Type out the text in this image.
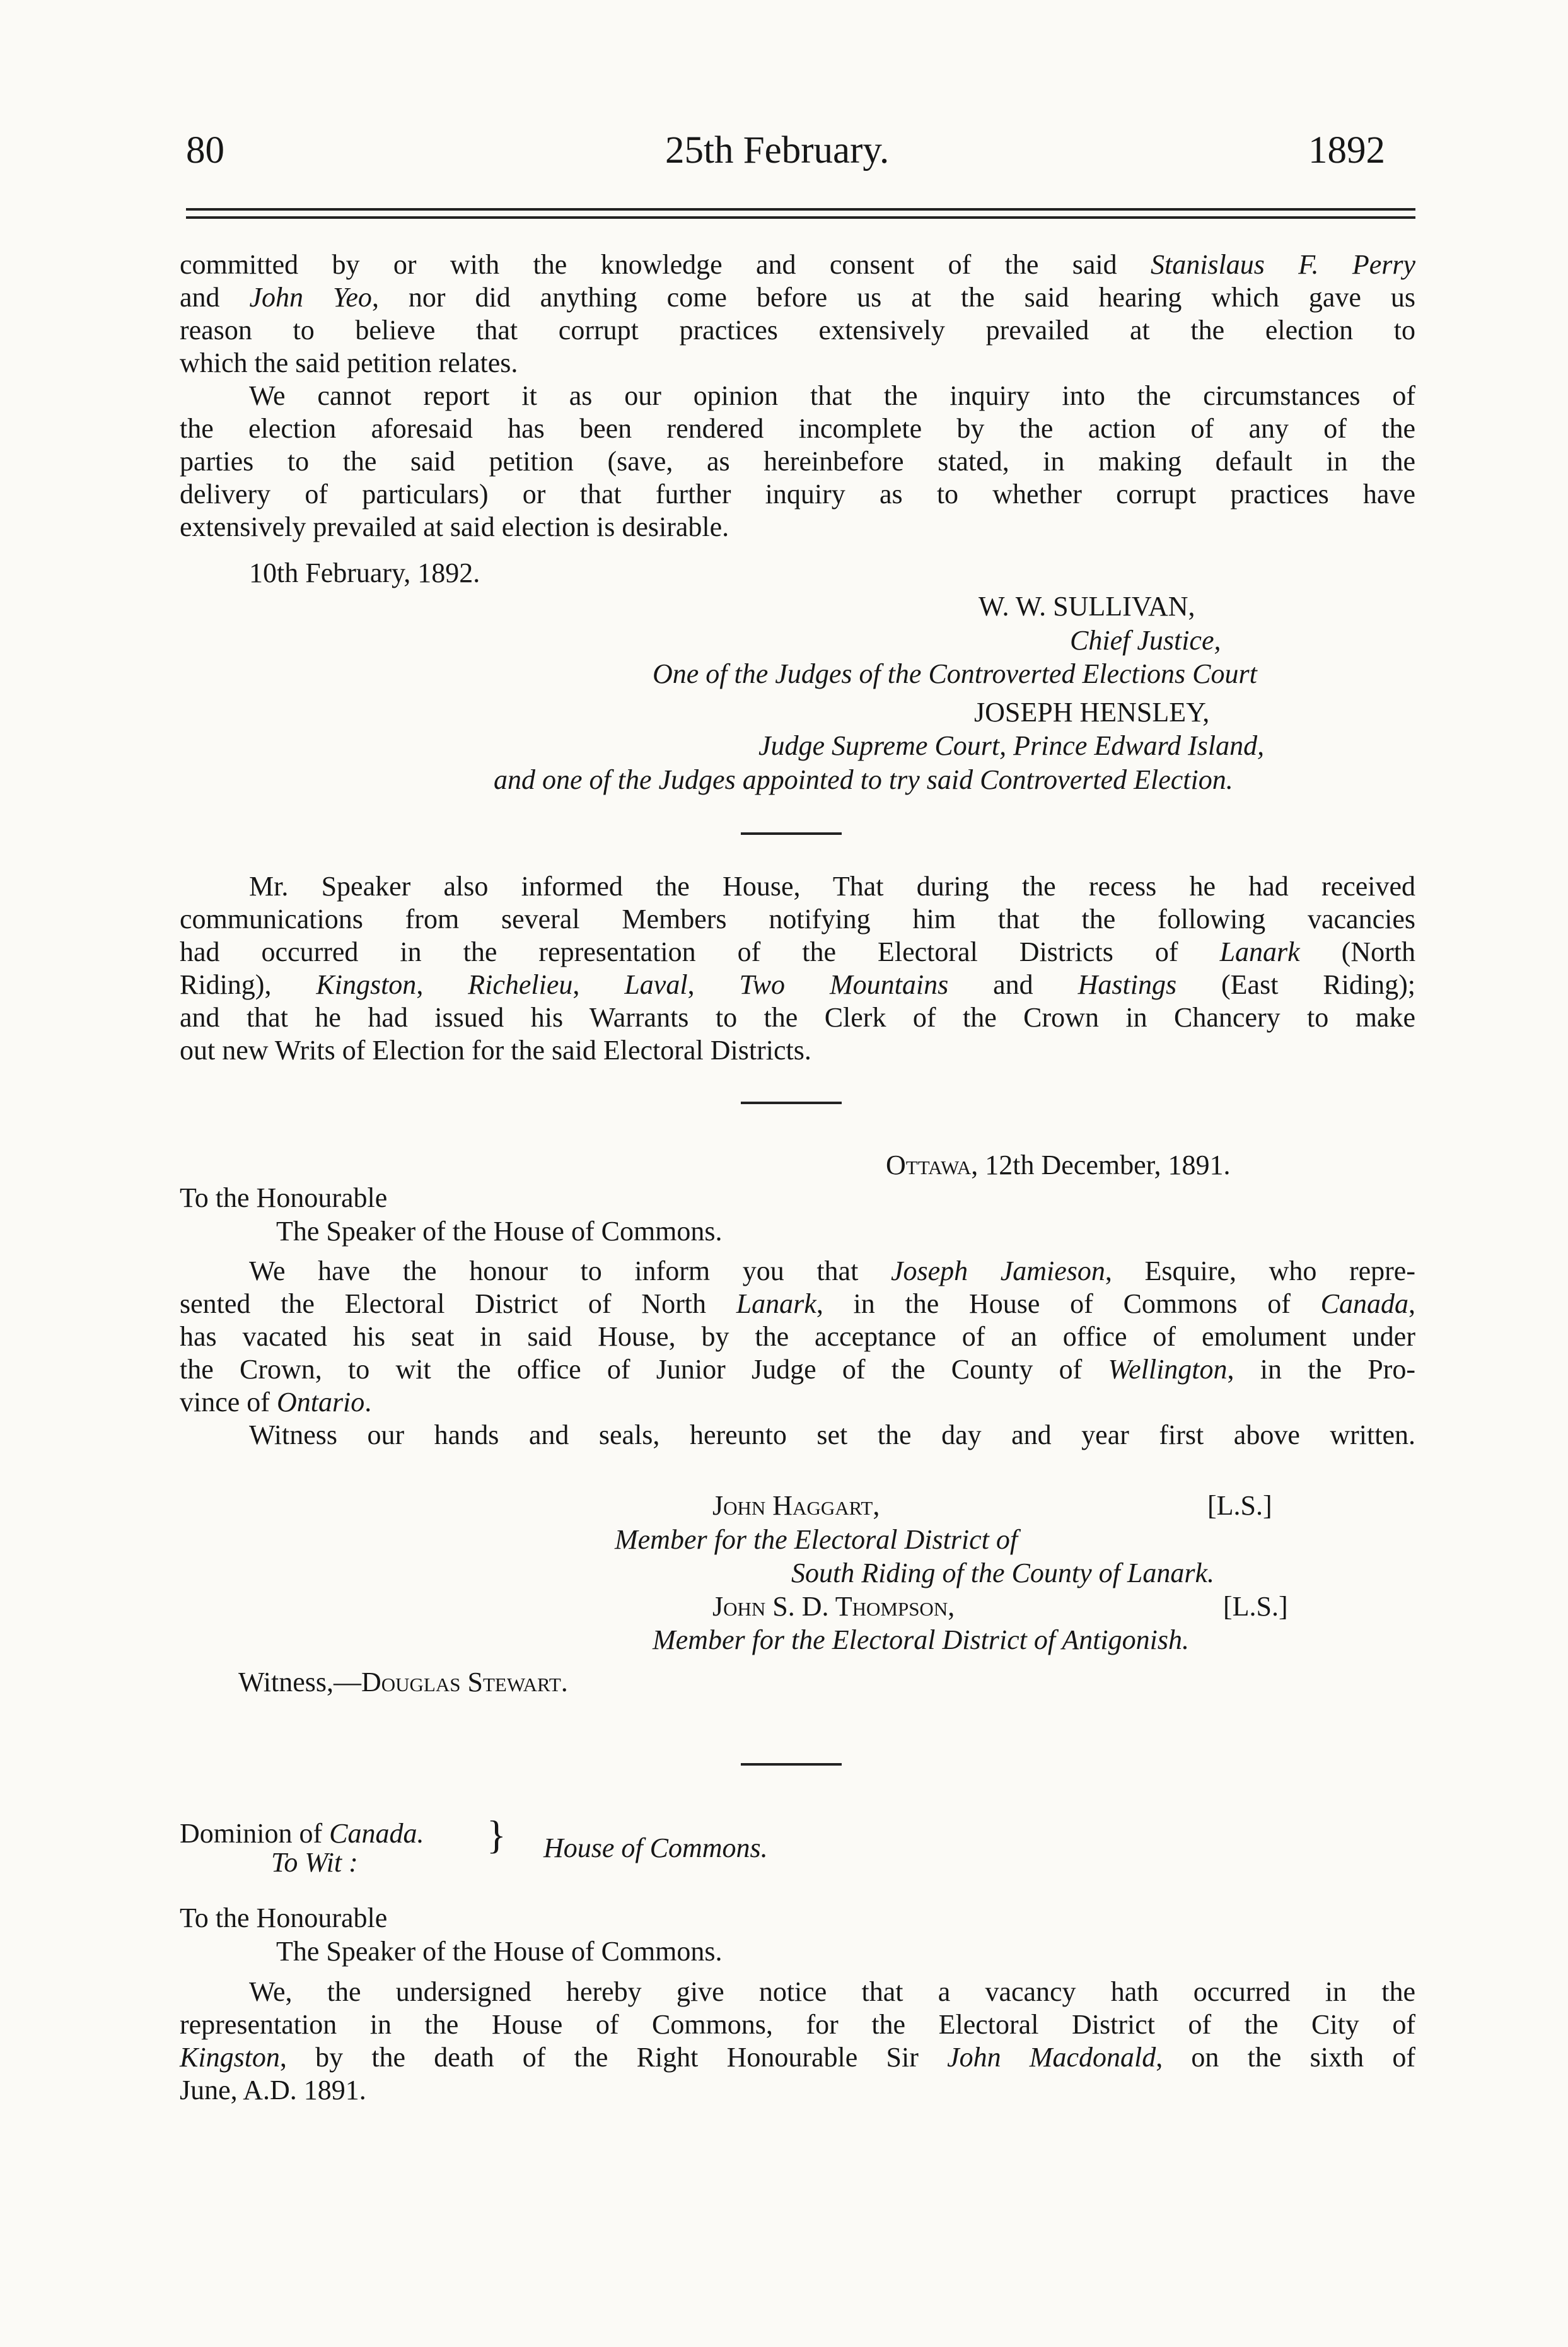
80	25th February.	1892
committed by or with the knowledge and consent of the said Stanislaus F. Perry
and John Yeo, nor did anything come before us at the said hearing which gave us
reason to believe that corrupt practices extensively prevailed at the election to
which the said petition relates.
We cannot report it as our opinion that the inquiry into the circumstances of
the election aforesaid has been rendered incomplete by the action of any of the
parties to the said petition (save, as hereinbefore stated, in making default in the
delivery of particulars) or that further inquiry as to whether corrupt practices have
extensively prevailed at said election is desirable.
10th February, 1892.
W. W. SULLIVAN,
Chief Justice,
One of the Judges of the Controverted Elections Court
JOSEPH HENSLEY,
Judge Supreme Court, Prince Edward Island,
and one of the Judges appointed to try said Controverted Election.
Mr. Speaker also informed the House, That during the recess he had received
communications from several Members notifying him that the following vacancies
had occurred in the representation of the Electoral Districts of Lanark (North
Riding), Kingston, Richelieu, Laval, Two Mountains and Hastings (East Riding);
and that he had issued his Warrants to the Clerk of the Crown in Chancery to make
out new Writs of Election for the said Electoral Districts.
Ottawa, 12th December, 1891.
To the Honourable
The Speaker of the House of Commons.
We have the honour to inform you that Joseph Jamieson, Esquire, who repre-
sented the Electoral District of North Lanark, in the House of Commons of Canada,
has vacated his seat in said House, by the acceptance of an office of emolument under
the Crown, to wit the office of Junior Judge of the County of Wellington, in the Pro-
vince of Ontario.
Witness our hands and seals, hereunto set the day and year first above written.
John Haggart,	[L.S.]
Member for the Electoral District of
South Riding of the County of Lanark.
John S. D. Thompson,	[L.S.]
Member for the Electoral District of Antigonish.
Witness,—Douglas Stewart.
Dominion of Canada.
To Wit :
} House of Commons.
To the Honourable
The Speaker of the House of Commons.
We, the undersigned hereby give notice that a vacancy hath occurred in the
representation in the House of Commons, for the Electoral District of the City of
Kingston, by the death of the Right Honourable Sir John Macdonald, on the sixth of
June, A.D. 1891.
